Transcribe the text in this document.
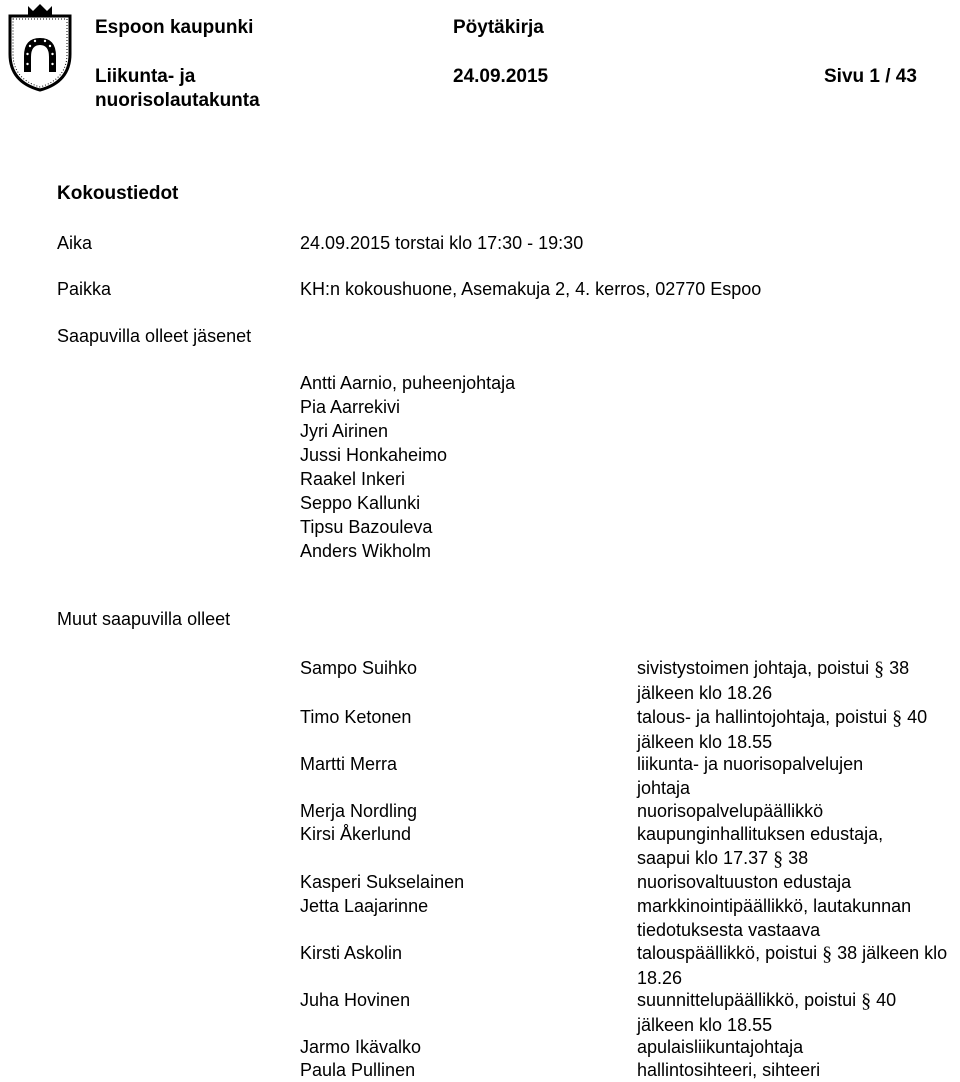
Espoon kaupunki	Pöytäkirja
Liikunta- ja
nuorisolautakunta
24.09.2015	Sivu 1 / 43
Kokoustiedot
Aika	24.09.2015 torstai klo 17:30 - 19:30
Paikka	KH:n kokoushuone, Asemakuja 2, 4. kerros, 02770 Espoo
Saapuvilla olleet jäsenet
Antti Aarnio, puheenjohtaja
Pia Aarrekivi
Jyri Airinen
Jussi Honkaheimo
Raakel Inkeri
Seppo Kallunki
Tipsu Bazouleva
Anders Wikholm
Muut saapuvilla olleet
Sampo Suihko	sivistystoimen johtaja, poistui § 38 jälkeen klo 18.26
Timo Ketonen	talous- ja hallintojohtaja, poistui § 40 jälkeen klo 18.55
Martti Merra	liikunta- ja nuorisopalvelujen johtaja
Merja Nordling	nuorisopalvelupäällikkö
Kirsi Åkerlund	kaupunginhallituksen edustaja, saapui klo 17.37 § 38
Kasperi Sukselainen	nuorisovaltuuston edustaja
Jetta Laajarinne	markkinointipäällikkö, lautakunnan tiedotuksesta vastaava
Kirsti Askolin	talouspäällikkö, poistui § 38 jälkeen klo 18.26
Juha Hovinen	suunnittelupäällikkö, poistui § 40 jälkeen klo 18.55
Jarmo Ikävalko	apulaisliikuntajohtaja
Paula Pullinen	hallintosihteeri, sihteeri
